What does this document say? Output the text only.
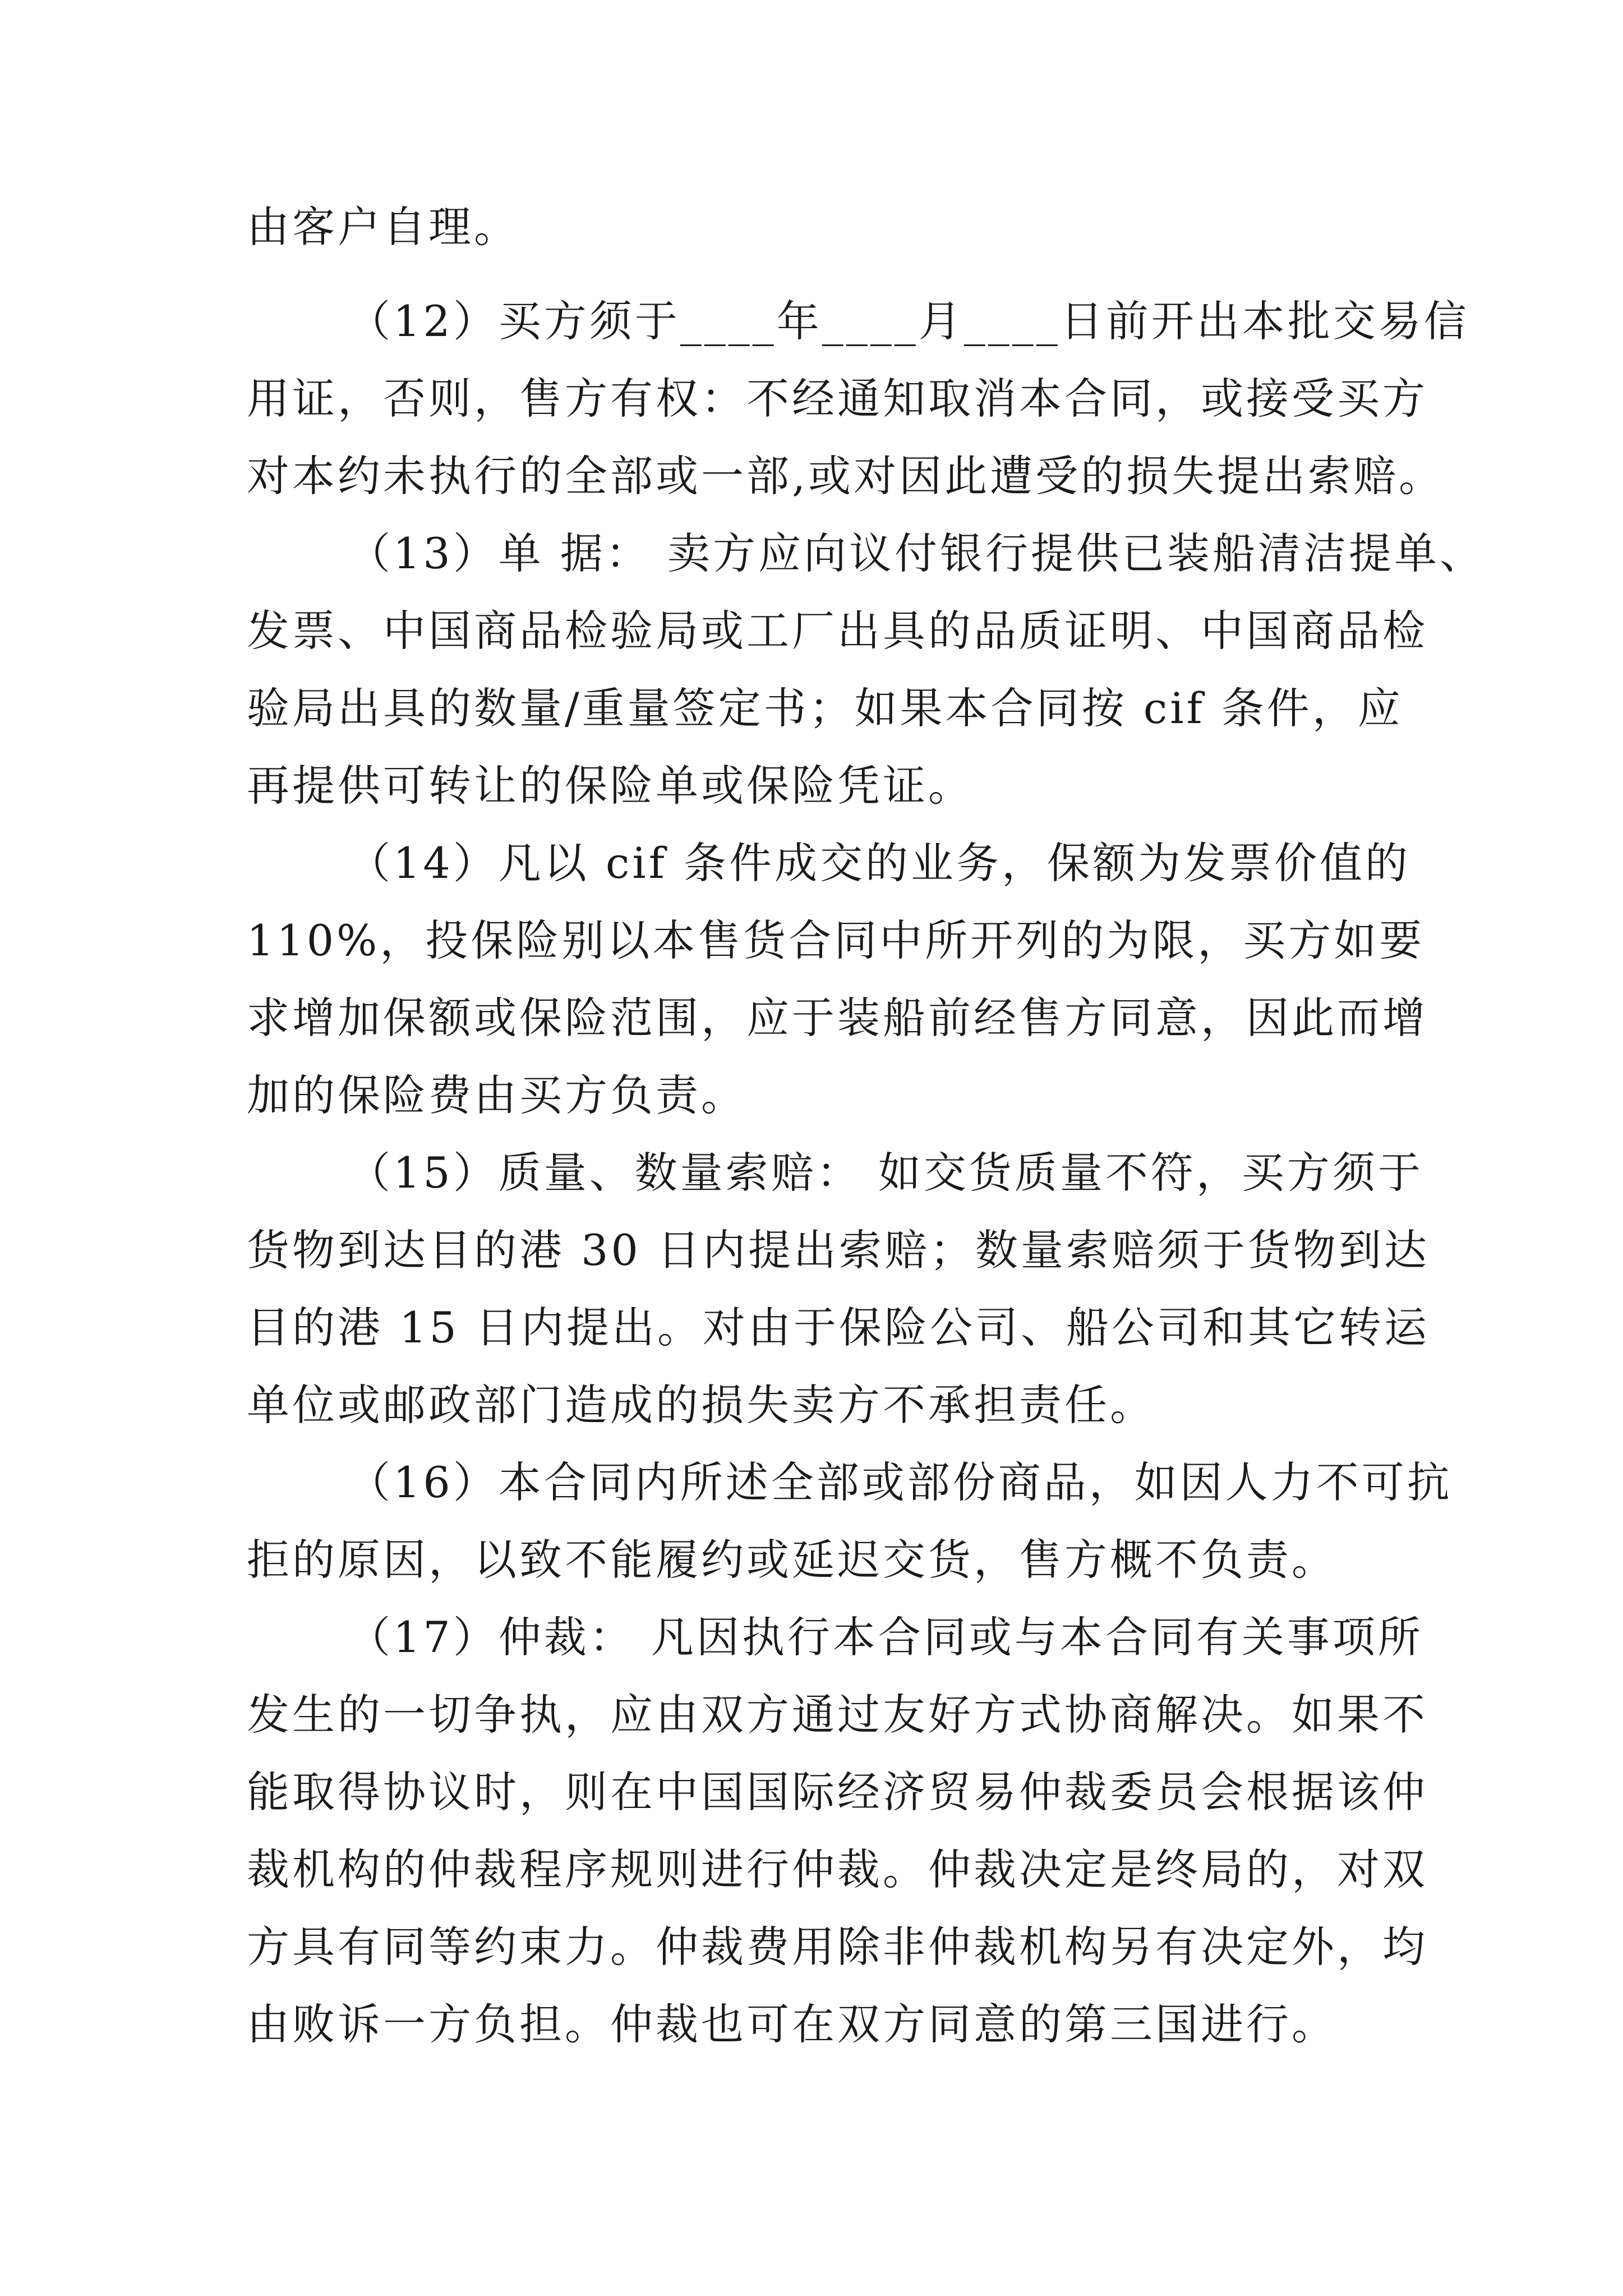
由客户自理。
（12）买方须于____年____月____日前开出本批交易信
用证，否则，售方有权：不经通知取消本合同，或接受买方
对本约未执行的全部或一部,或对因此遭受的损失提出索赔。
（13）单 据： 卖方应向议付银行提供已装船清洁提单、
发票、中国商品检验局或工厂出具的品质证明、中国商品检
验局出具的数量/重量签定书；如果本合同按 cif 条件，应
再提供可转让的保险单或保险凭证。
（14）凡以 cif 条件成交的业务，保额为发票价值的
110%，投保险别以本售货合同中所开列的为限，买方如要
求增加保额或保险范围，应于装船前经售方同意，因此而增
加的保险费由买方负责。
（15）质量、数量索赔： 如交货质量不符，买方须于
货物到达目的港 30 日内提出索赔；数量索赔须于货物到达
目的港 15 日内提出。对由于保险公司、船公司和其它转运
单位或邮政部门造成的损失卖方不承担责任。
（16）本合同内所述全部或部份商品，如因人力不可抗
拒的原因，以致不能履约或延迟交货，售方概不负责。
（17）仲裁： 凡因执行本合同或与本合同有关事项所
发生的一切争执，应由双方通过友好方式协商解决。如果不
能取得协议时，则在中国国际经济贸易仲裁委员会根据该仲
裁机构的仲裁程序规则进行仲裁。仲裁决定是终局的，对双
方具有同等约束力。仲裁费用除非仲裁机构另有决定外，均
由败诉一方负担。仲裁也可在双方同意的第三国进行。
